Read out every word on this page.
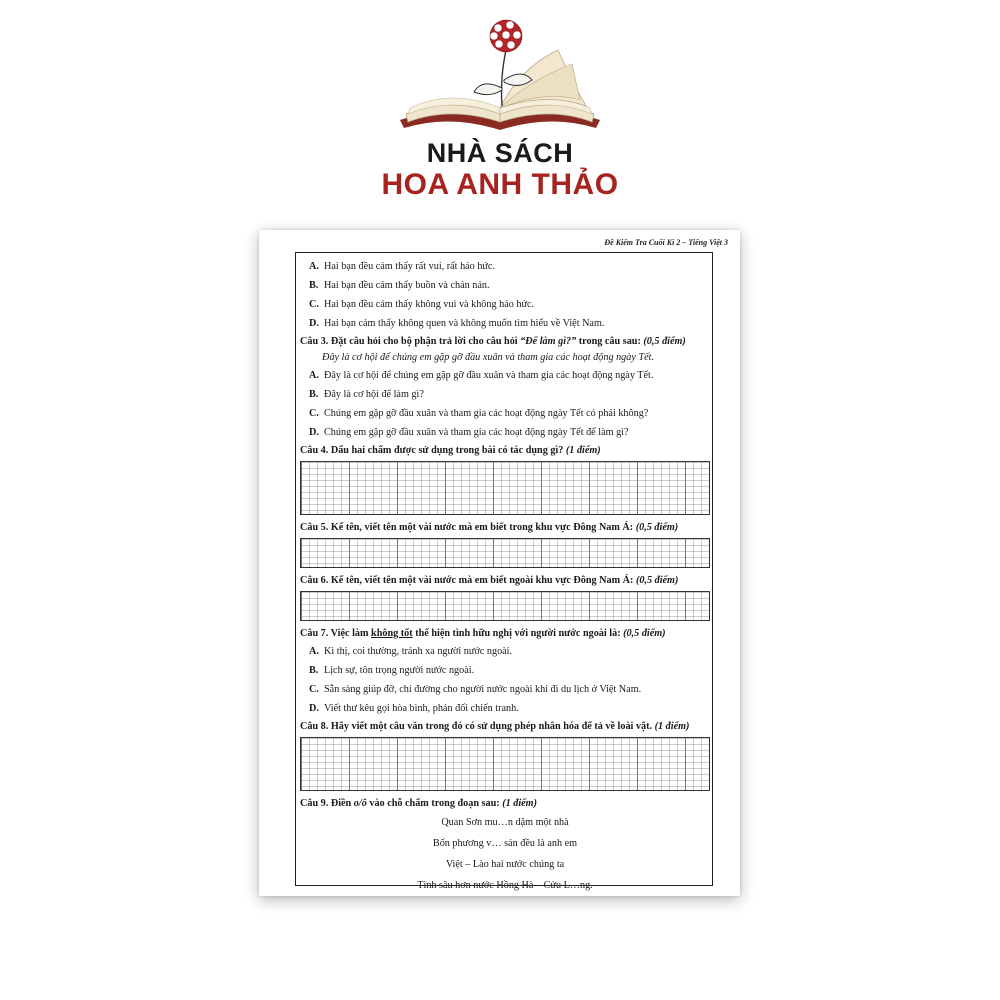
NHÀ SÁCH
HOA ANH THẢO
Đề Kiểm Tra Cuối Kì 2 – Tiếng Việt 3
A. Hai bạn đều cảm thấy rất vui, rất háo hức.
B. Hai bạn đều cảm thấy buồn và chán nản.
C. Hai bạn đều cảm thấy không vui và không háo hức.
D. Hai bạn cảm thấy không quen và không muốn tìm hiểu về Việt Nam.
Câu 3. Đặt câu hỏi cho bộ phận trả lời cho câu hỏi “Để làm gì?” trong câu sau: (0,5 điểm)
Đây là cơ hội để chúng em gặp gỡ đầu xuân và tham gia các hoạt động ngày Tết.
A. Đây là cơ hội để chúng em gặp gỡ đầu xuân và tham gia các hoạt động ngày Tết.
B. Đây là cơ hội để làm gì?
C. Chúng em gặp gỡ đầu xuân và tham gia các hoạt động ngày Tết có phải không?
D. Chúng em gặp gỡ đầu xuân và tham gia các hoạt động ngày Tết để làm gì?
Câu 4. Dấu hai chấm được sử dụng trong bài có tác dụng gì? (1 điểm)
Câu 5. Kể tên, viết tên một vài nước mà em biết trong khu vực Đông Nam Á: (0,5 điểm)
Câu 6. Kể tên, viết tên một vài nước mà em biết ngoài khu vực Đông Nam Á: (0,5 điểm)
Câu 7. Việc làm không tốt thể hiện tình hữu nghị với người nước ngoài là: (0,5 điểm)
A. Kì thị, coi thường, tránh xa người nước ngoài.
B. Lịch sự, tôn trọng người nước ngoài.
C. Sẵn sàng giúp đỡ, chỉ đường cho người nước ngoài khi đi du lịch ở Việt Nam.
D. Viết thư kêu gọi hòa bình, phản đối chiến tranh.
Câu 8. Hãy viết một câu văn trong đó có sử dụng phép nhân hóa để tả về loài vật. (1 điểm)
Câu 9. Điền o/ô vào chỗ chấm trong đoạn sau: (1 điểm)
Quan Sơn mu…n dặm một nhà
Bốn phương v… sản đều là anh em
Việt – Lào hai nước chúng ta
Tình sâu hơn nước Hồng Hà – Cửu L…ng.
